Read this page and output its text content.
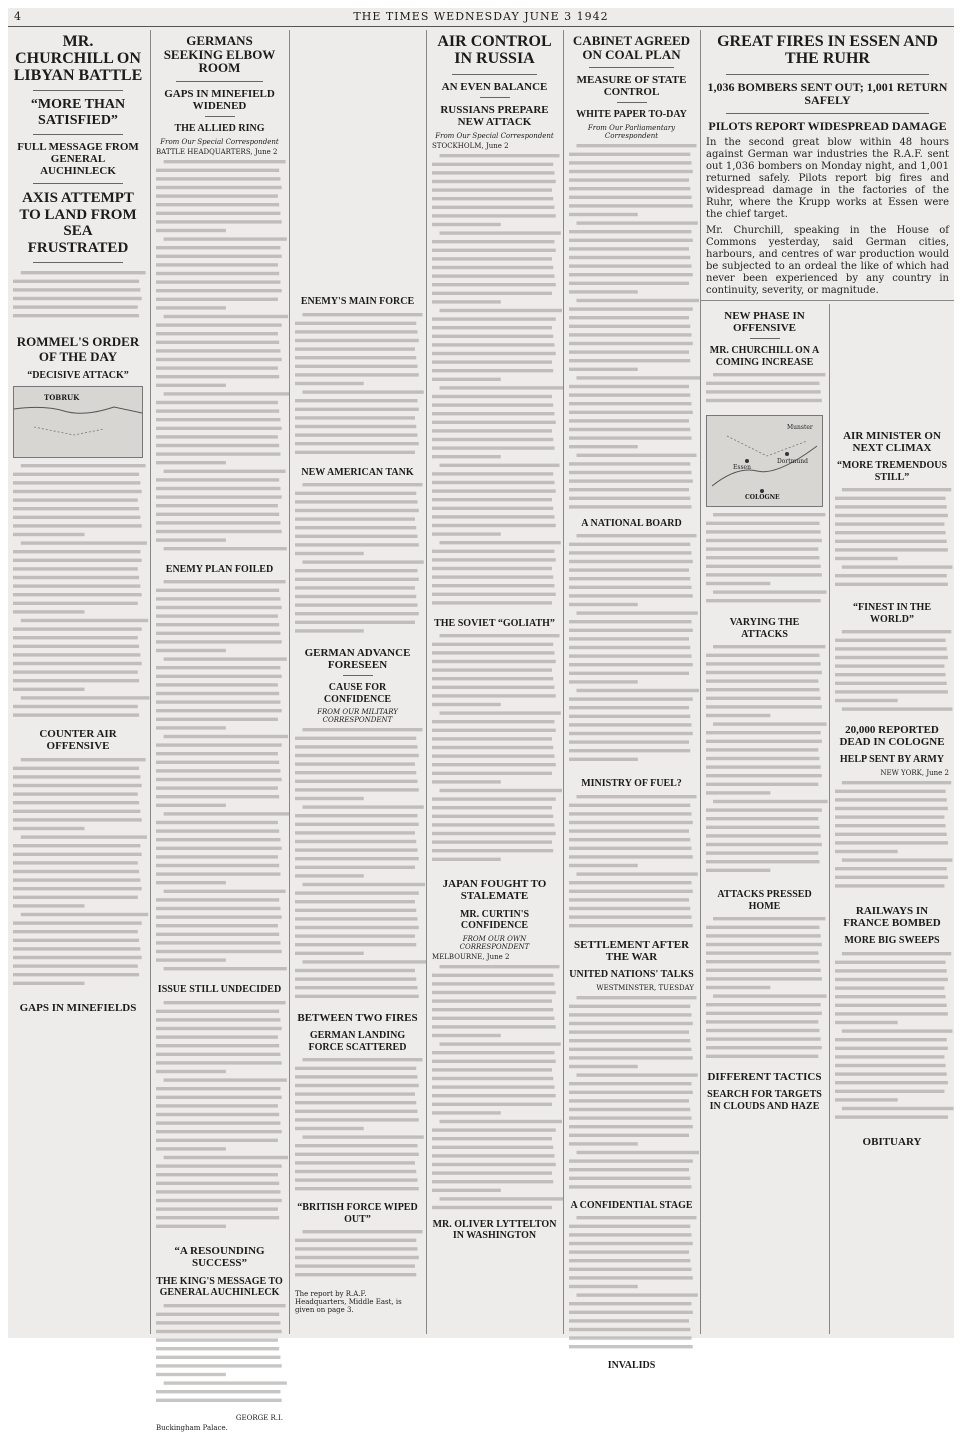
4	THE TIMES WEDNESDAY JUNE 3 1942
MR. CHURCHILL ON LIBYAN BATTLE
“MORE THAN SATISFIED”
FULL MESSAGE FROM GENERAL AUCHINLECK
AXIS ATTEMPT TO LAND FROM SEA FRUSTRATED
ROMMEL'S ORDER OF THE DAY
“DECISIVE ATTACK”
TOBRUK
COUNTER AIR OFFENSIVE
GAPS IN MINEFIELDS
GERMANS SEEKING ELBOW ROOM
GAPS IN MINEFIELD WIDENED
THE ALLIED RING
From Our Special Correspondent
BATTLE HEADQUARTERS, June 2
ENEMY PLAN FOILED
ISSUE STILL UNDECIDED
“A RESOUNDING SUCCESS”
THE KING'S MESSAGE TO GENERAL AUCHINLECK
GEORGE R.I.
Buckingham Palace.
ENEMY'S MAIN FORCE
NEW AMERICAN TANK
GERMAN ADVANCE FORESEEN
CAUSE FOR CONFIDENCE
FROM OUR MILITARY CORRESPONDENT
BETWEEN TWO FIRES
GERMAN LANDING FORCE SCATTERED
“BRITISH FORCE WIPED OUT”
The report by R.A.F. Headquarters, Middle East, is given on page 3.
AIR CONTROL IN RUSSIA
AN EVEN BALANCE
RUSSIANS PREPARE NEW ATTACK
From Our Special Correspondent
STOCKHOLM, June 2
THE SOVIET “GOLIATH”
JAPAN FOUGHT TO STALEMATE
MR. CURTIN'S CONFIDENCE
FROM OUR OWN CORRESPONDENT
MELBOURNE, June 2
MR. OLIVER LYTTELTON IN WASHINGTON
CABINET AGREED ON COAL PLAN
MEASURE OF STATE CONTROL
WHITE PAPER TO-DAY
From Our Parliamentary Correspondent
A NATIONAL BOARD
MINISTRY OF FUEL?
SETTLEMENT AFTER THE WAR
UNITED NATIONS' TALKS
WESTMINSTER, TUESDAY
A CONFIDENTIAL STAGE
INVALIDS
GREAT FIRES IN ESSEN AND THE RUHR
1,036 BOMBERS SENT OUT; 1,001 RETURN SAFELY
PILOTS REPORT WIDESPREAD DAMAGE
In the second great blow within 48 hours against German war industries the R.A.F. sent out 1,036 bombers on Monday night, and 1,001 returned safely. Pilots report big fires and widespread damage in the factories of the Ruhr, where the Krupp works at Essen were the chief target.
Mr. Churchill, speaking in the House of Commons yesterday, said German cities, harbours, and centres of war production would be subjected to an ordeal the like of which had never been experienced by any country in continuity, severity, or magnitude.
NEW PHASE IN OFFENSIVE
MR. CHURCHILL ON A COMING INCREASE
Essen
Dortmund
COLOGNE
Munster
VARYING THE ATTACKS
ATTACKS PRESSED HOME
DIFFERENT TACTICS
SEARCH FOR TARGETS IN CLOUDS AND HAZE
AIR MINISTER ON NEXT CLIMAX
“MORE TREMENDOUS STILL”
“FINEST IN THE WORLD”
20,000 REPORTED DEAD IN COLOGNE
HELP SENT BY ARMY
NEW YORK, June 2
RAILWAYS IN FRANCE BOMBED
MORE BIG SWEEPS
OBITUARY
